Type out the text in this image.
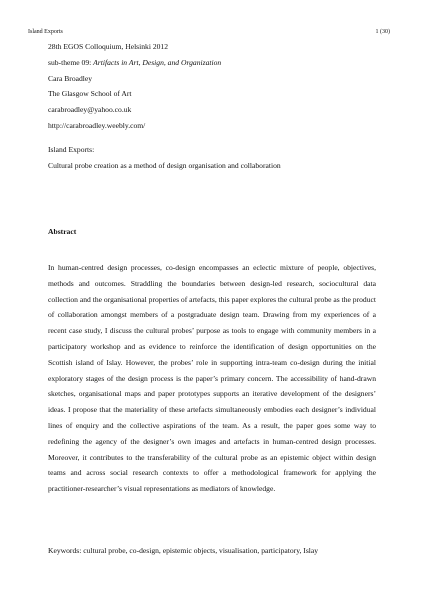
Island Exports	1 (30)

28th EGOS Colloquium, Helsinki 2012

sub-theme 09: Artifacts in Art, Design, and Organization

Cara Broadley

The Glasgow School of Art

carabroadley@yahoo.co.uk

http://carabroadley.weebly.com/

Island Exports:

Cultural probe creation as a method of design organisation and collaboration

Abstract

In human-centred design processes, co-design encompasses an eclectic mixture of people, objectives, methods and outcomes. Straddling the boundaries between design-led research, sociocultural data collection and the organisational properties of artefacts, this paper explores the cultural probe as the product of collaboration amongst members of a postgraduate design team. Drawing from my experiences of a recent case study, I discuss the cultural probes’ purpose as tools to engage with community members in a participatory workshop and as evidence to reinforce the identification of design opportunities on the Scottish island of Islay. However, the probes’ role in supporting intra-team co-design during the initial exploratory stages of the design process is the paper’s primary concern. The accessibility of hand-drawn sketches, organisational maps and paper prototypes supports an iterative development of the designers’ ideas. I propose that the materiality of these artefacts simultaneously embodies each designer’s individual lines of enquiry and the collective aspirations of the team. As a result, the paper goes some way to redefining the agency of the designer’s own images and artefacts in human-centred design processes. Moreover, it contributes to the transferability of the cultural probe as an epistemic object within design teams and across social research contexts to offer a methodological framework for applying the practitioner-researcher’s visual representations as mediators of knowledge.

Keywords: cultural probe, co-design, epistemic objects, visualisation, participatory, Islay
